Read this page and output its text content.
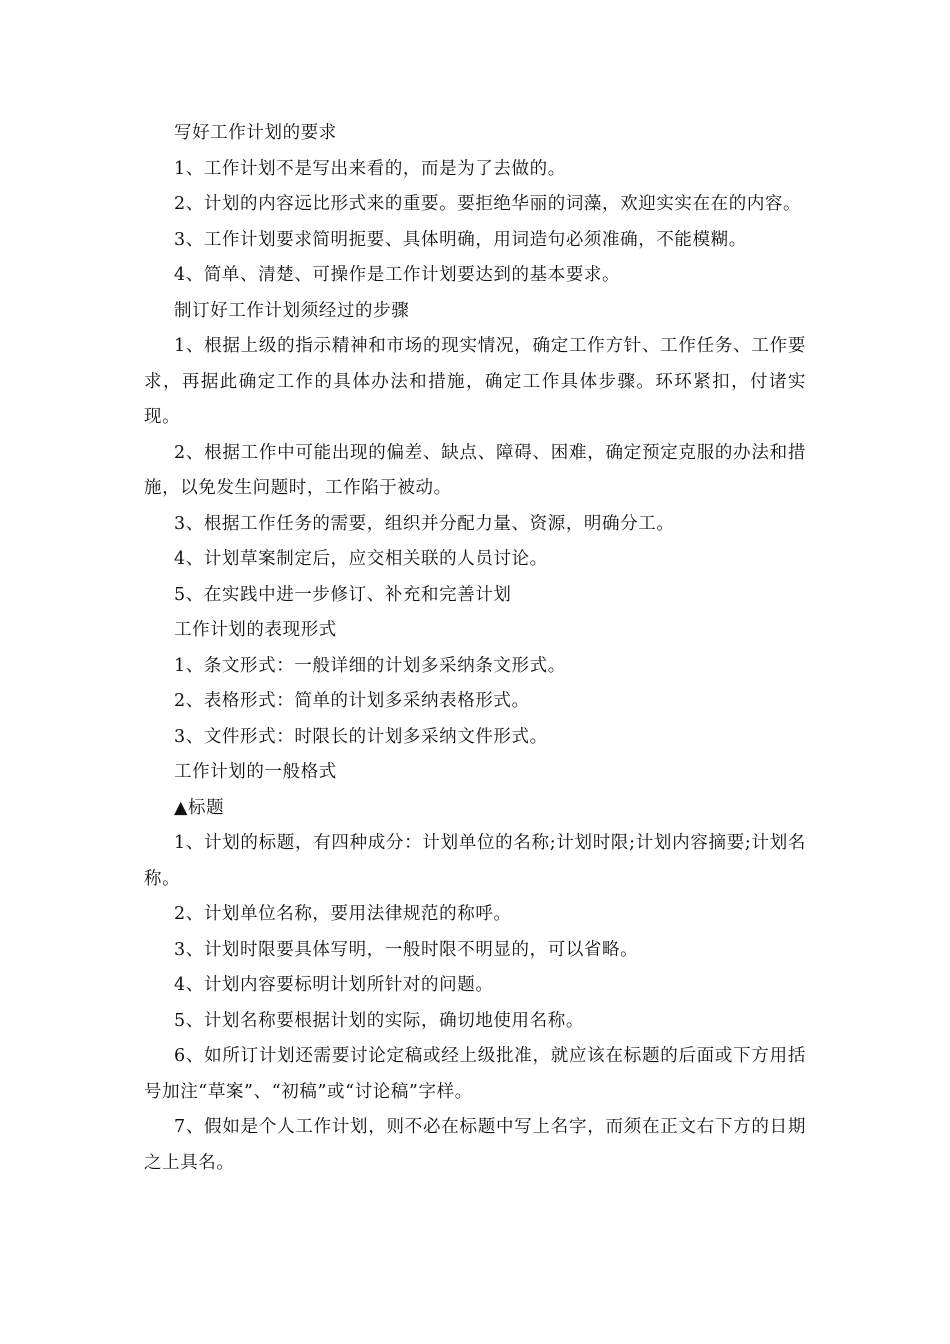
写好工作计划的要求

1、工作计划不是写出来看的，而是为了去做的。

2、计划的内容远比形式来的重要。要拒绝华丽的词藻，欢迎实实在在的内容。

3、工作计划要求简明扼要、具体明确，用词造句必须准确，不能模糊。

4、简单、清楚、可操作是工作计划要达到的基本要求。

制订好工作计划须经过的步骤

1、根据上级的指示精神和市场的现实情况，确定工作方针、工作任务、工作要求，再据此确定工作的具体办法和措施，确定工作具体步骤。环环紧扣，付诸实现。

2、根据工作中可能出现的偏差、缺点、障碍、困难，确定预定克服的办法和措施，以免发生问题时，工作陷于被动。

3、根据工作任务的需要，组织并分配力量、资源，明确分工。

4、计划草案制定后，应交相关联的人员讨论。

5、在实践中进一步修订、补充和完善计划

工作计划的表现形式

1、条文形式：一般详细的计划多采纳条文形式。

2、表格形式：简单的计划多采纳表格形式。

3、文件形式：时限长的计划多采纳文件形式。

工作计划的一般格式

▲标题

1、计划的标题，有四种成分：计划单位的名称;计划时限;计划内容摘要;计划名称。

2、计划单位名称，要用法律规范的称呼。

3、计划时限要具体写明，一般时限不明显的，可以省略。

4、计划内容要标明计划所针对的问题。

5、计划名称要根据计划的实际，确切地使用名称。

6、如所订计划还需要讨论定稿或经上级批准，就应该在标题的后面或下方用括号加注“草案”、“初稿”或“讨论稿”字样。

7、假如是个人工作计划，则不必在标题中写上名字，而须在正文右下方的日期之上具名。
